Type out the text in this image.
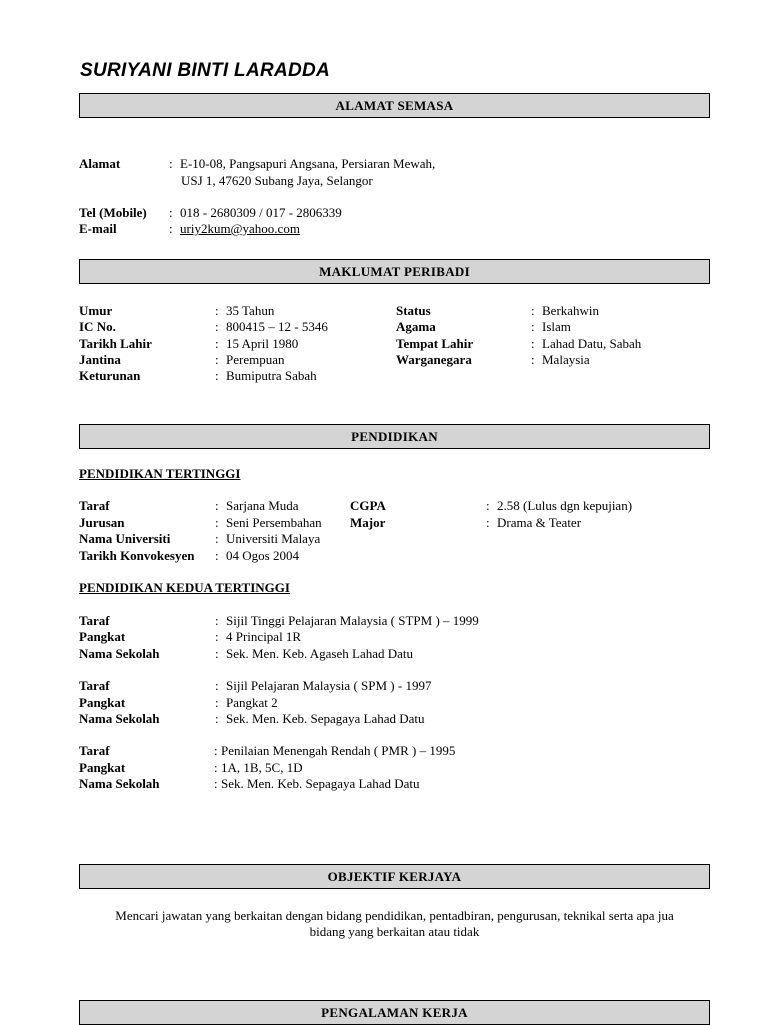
SURIYANI BINTI LARADDA
ALAMAT SEMASA
Alamat	: E-10-08, Pangsapuri Angsana, Persiaran Mewah,
USJ 1, 47620 Subang Jaya, Selangor
Tel (Mobile) : 018 - 2680309 / 017 - 2806339
E-mail	: uriy2kum@yahoo.com
MAKLUMAT PERIBADI
Umur	: 35 Tahun
IC No.	: 800415 – 12 - 5346
Tarikh Lahir	: 15 April 1980
Jantina	: Perempuan
Keturunan	: Bumiputra Sabah
Status	: Berkahwin
Agama	: Islam
Tempat Lahir	: Lahad Datu, Sabah
Warganegara	: Malaysia
PENDIDIKAN
PENDIDIKAN TERTINGGI
Taraf	: Sarjana Muda
Jurusan	: Seni Persembahan
Nama Universiti	: Universiti Malaya
Tarikh Konvokesyen : 04 Ogos 2004
CGPA	: 2.58 (Lulus dgn kepujian)
Major	: Drama & Teater
PENDIDIKAN KEDUA TERTINGGI
Taraf	: Sijil Tinggi Pelajaran Malaysia ( STPM ) – 1999
Pangkat	: 4 Principal 1R
Nama Sekolah	: Sek. Men. Keb. Agaseh Lahad Datu
Taraf	: Sijil Pelajaran Malaysia ( SPM ) - 1997
Pangkat	: Pangkat 2
Nama Sekolah	: Sek. Men. Keb. Sepagaya Lahad Datu
Taraf	: Penilaian Menengah Rendah ( PMR ) – 1995
Pangkat	: 1A, 1B, 5C, 1D
Nama Sekolah	: Sek. Men. Keb. Sepagaya Lahad Datu
OBJEKTIF KERJAYA
Mencari jawatan yang berkaitan dengan bidang pendidikan, pentadbiran, pengurusan, teknikal serta apa jua
bidang yang berkaitan atau tidak
PENGALAMAN KERJA
